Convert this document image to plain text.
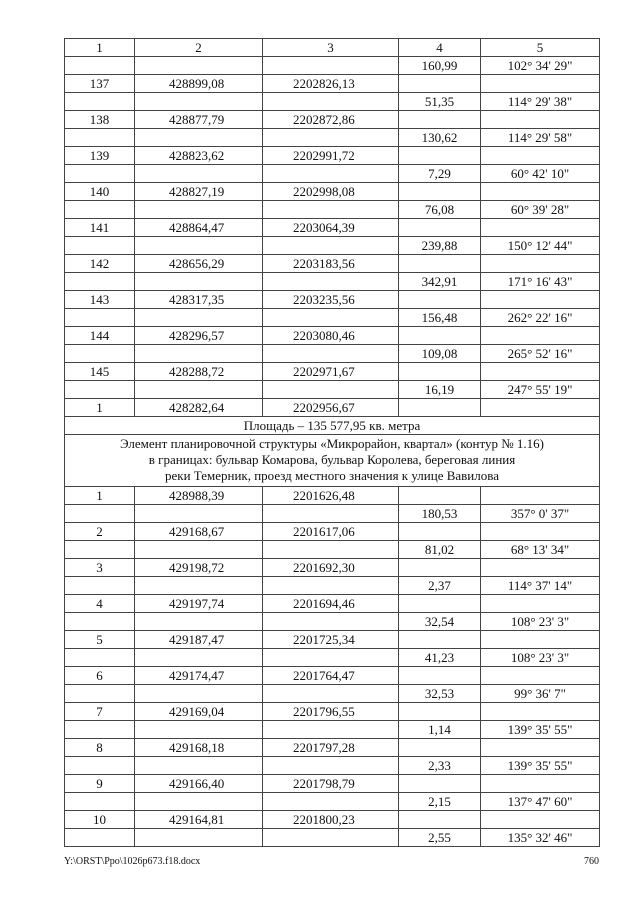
1	2	3	4	5
			160,99	102° 34' 29"
137	428899,08	2202826,13		
			51,35	114° 29' 38"
138	428877,79	2202872,86		
			130,62	114° 29' 58"
139	428823,62	2202991,72		
			7,29	60° 42' 10"
140	428827,19	2202998,08		
			76,08	60° 39' 28"
141	428864,47	2203064,39		
			239,88	150° 12' 44"
142	428656,29	2203183,56		
			342,91	171° 16' 43"
143	428317,35	2203235,56		
			156,48	262° 22' 16"
144	428296,57	2203080,46		
			109,08	265° 52' 16"
145	428288,72	2202971,67		
			16,19	247° 55' 19"
1	428282,64	2202956,67		
Площадь – 135 577,95 кв. метра				

Элемент планировочной структуры «Микрорайон, квартал» (контур № 1.16)
в границах: бульвар Комарова, бульвар Королева, береговая линия
реки Темерник, проезд местного значения к улице Вавилова				

1	428988,39	2201626,48		
			180,53	357° 0' 37"
2	429168,67	2201617,06		
			81,02	68° 13' 34"
3	429198,72	2201692,30		
			2,37	114° 37' 14"
4	429197,74	2201694,46		
			32,54	108° 23' 3"
5	429187,47	2201725,34		
			41,23	108° 23' 3"
6	429174,47	2201764,47		
			32,53	99° 36' 7"
7	429169,04	2201796,55		
			1,14	139° 35' 55"
8	429168,18	2201797,28		
			2,33	139° 35' 55"
9	429166,40	2201798,79		
			2,15	137° 47' 60"
10	429164,81	2201800,23		
			2,55	135° 32' 46"
Y:\ORST\Ppo\1026p673.f18.docx	760
